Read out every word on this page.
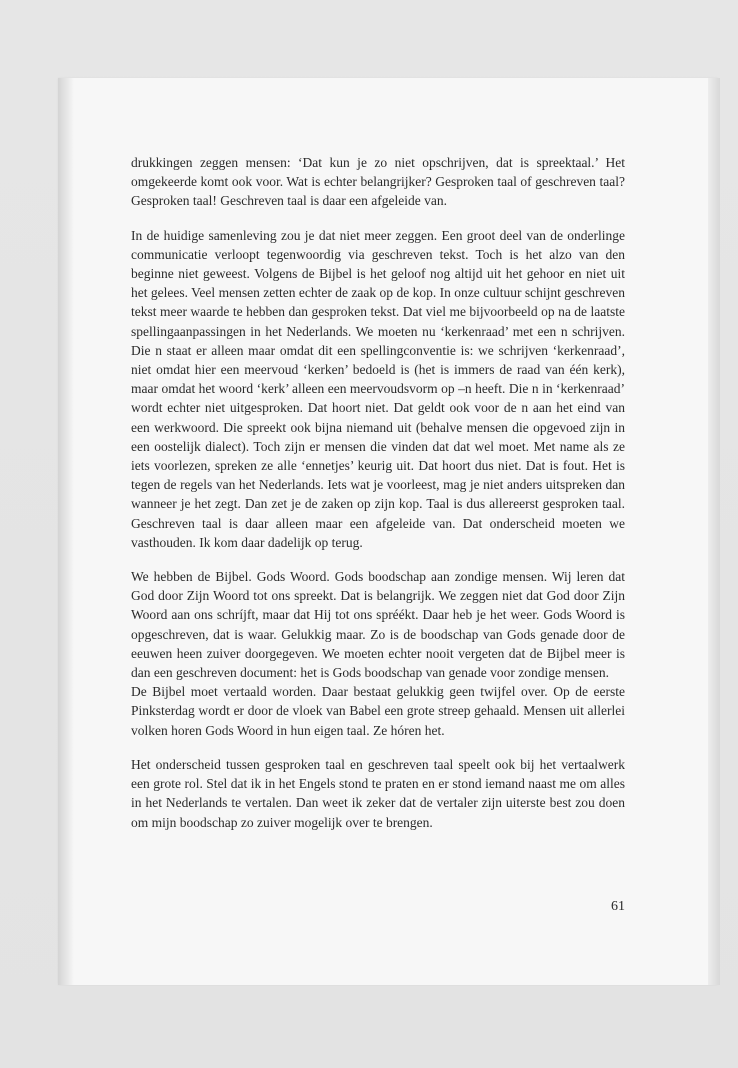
drukkingen zeggen mensen: ‘Dat kun je zo niet opschrijven, dat is spreektaal.’ Het omgekeerde komt ook voor. Wat is echter belangrijker? Gesproken taal of geschreven taal? Gesproken taal! Geschreven taal is daar een afgeleide van.

In de huidige samenleving zou je dat niet meer zeggen. Een groot deel van de onderlinge communicatie verloopt tegenwoordig via geschreven tekst. Toch is het alzo van den beginne niet geweest. Volgens de Bijbel is het geloof nog altijd uit het gehoor en niet uit het gelees. Veel mensen zetten echter de zaak op de kop. In onze cultuur schijnt geschreven tekst meer waarde te hebben dan gesproken tekst. Dat viel me bijvoorbeeld op na de laatste spellingaanpassingen in het Nederlands. We moeten nu ‘kerkenraad’ met een n schrijven. Die n staat er alleen maar omdat dit een spellingconventie is: we schrijven ‘kerkenraad’, niet omdat hier een meervoud ‘kerken’ bedoeld is (het is immers de raad van één kerk), maar omdat het woord ‘kerk’ alleen een meervoudsvorm op –n heeft. Die n in ‘kerkenraad’ wordt echter niet uitgesproken. Dat hoort niet. Dat geldt ook voor de n aan het eind van een werkwoord. Die spreekt ook bijna niemand uit (behalve mensen die opgevoed zijn in een oostelijk dialect). Toch zijn er mensen die vinden dat dat wel moet. Met name als ze iets voorlezen, spreken ze alle ‘ennetjes’ keurig uit. Dat hoort dus niet. Dat is fout. Het is tegen de regels van het Nederlands. Iets wat je voorleest, mag je niet anders uitspreken dan wanneer je het zegt. Dan zet je de zaken op zijn kop. Taal is dus allereerst gesproken taal. Geschreven taal is daar alleen maar een afgeleide van. Dat onderscheid moeten we vasthouden. Ik kom daar dadelijk op terug.

We hebben de Bijbel. Gods Woord. Gods boodschap aan zondige mensen. Wij leren dat God door Zijn Woord tot ons spreekt. Dat is belangrijk. We zeggen niet dat God door Zijn Woord aan ons schríjft, maar dat Hij tot ons spréékt. Daar heb je het weer. Gods Woord is opgeschreven, dat is waar. Gelukkig maar. Zo is de boodschap van Gods genade door de eeuwen heen zuiver doorgegeven. We moeten echter nooit vergeten dat de Bijbel meer is dan een geschreven document: het is Gods boodschap van genade voor zondige mensen.

De Bijbel moet vertaald worden. Daar bestaat gelukkig geen twijfel over. Op de eerste Pinksterdag wordt er door de vloek van Babel een grote streep gehaald. Mensen uit allerlei volken horen Gods Woord in hun eigen taal. Ze hóren het.

Het onderscheid tussen gesproken taal en geschreven taal speelt ook bij het vertaalwerk een grote rol. Stel dat ik in het Engels stond te praten en er stond iemand naast me om alles in het Nederlands te vertalen. Dan weet ik zeker dat de vertaler zijn uiterste best zou doen om mijn boodschap zo zuiver mogelijk over te brengen.

61
